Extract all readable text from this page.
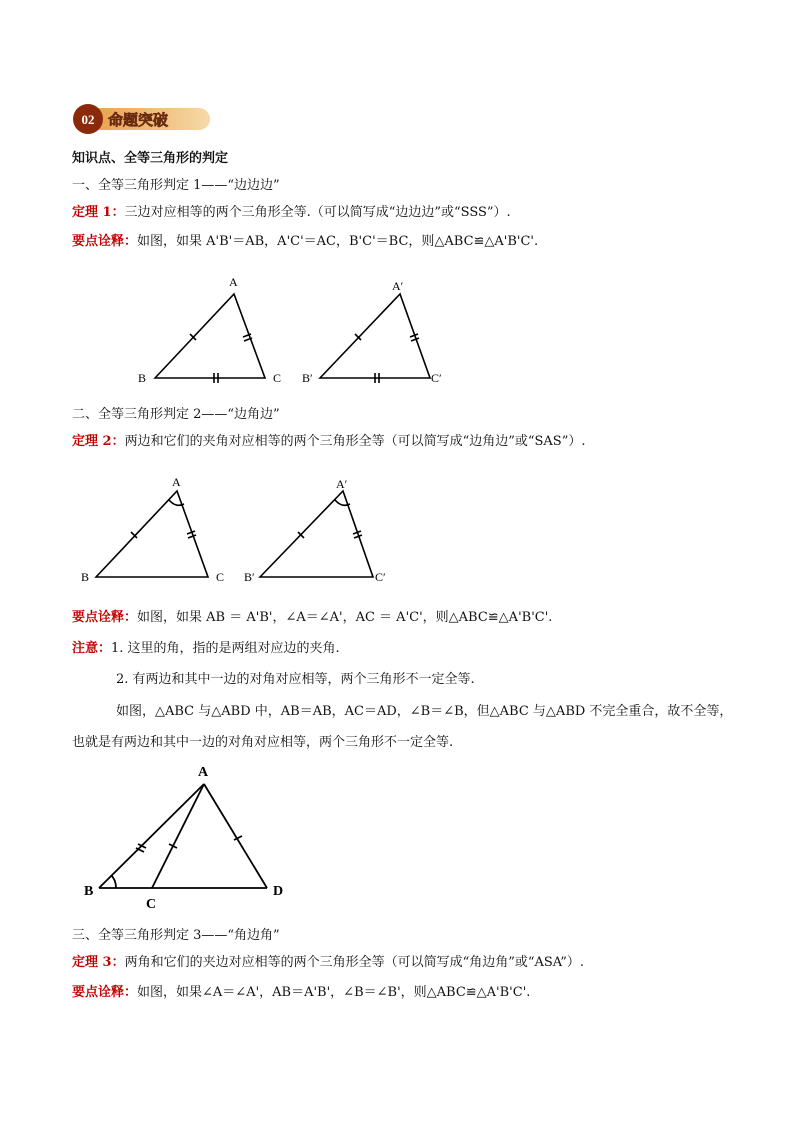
02 命题突破
知识点、全等三角形的判定
一、全等三角形判定 1——“边边边”
定理 1：三边对应相等的两个三角形全等.（可以简写成“边边边”或“SSS”）.
要点诠释：如图，如果 A'B'＝AB，A'C'＝AC，B'C'＝BC，则△ABC≌△A'B'C'.
A
B	C
A′
B′	C′
二、全等三角形判定 2——“边角边”
定理 2：两边和它们的夹角对应相等的两个三角形全等（可以简写成“边角边”或“SAS”）.
A
B	C
A′
B′	C′
要点诠释：如图，如果 AB ＝ A'B'，∠A＝∠A'，AC ＝ A'C'，则△ABC≌△A'B'C'.
注意：1. 这里的角，指的是两组对应边的夹角.
2. 有两边和其中一边的对角对应相等，两个三角形不一定全等.
如图，△ABC 与△ABD 中，AB＝AB，AC＝AD，∠B＝∠B，但△ABC 与△ABD 不完全重合，故不全等，
也就是有两边和其中一边的对角对应相等，两个三角形不一定全等.
A
B
C
D
三、全等三角形判定 3——“角边角”
定理 3：两角和它们的夹边对应相等的两个三角形全等（可以简写成“角边角”或“ASA”）.
要点诠释：如图，如果∠A＝∠A'，AB＝A'B'，∠B＝∠B'，则△ABC≌△A'B'C'.
